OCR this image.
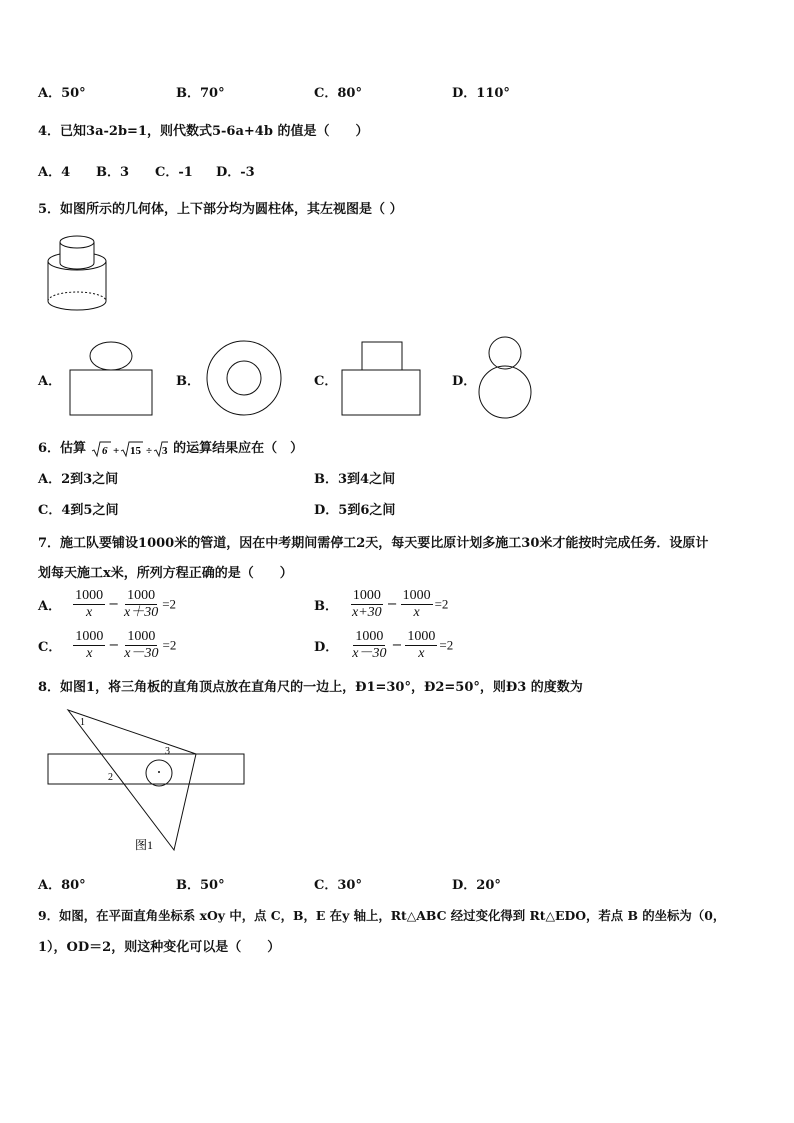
A．50°	B．70°	C．80°	D．110°
4．已知3a-2b=1，则代数式5-6a+4b 的值是（　　）
A．4 B．3 C．-1 D．-3
5．如图所示的几何体，上下部分均为圆柱体，其左视图是（ ）
A．	B．	C．	D．
6．估算 6 + 15 ÷ 3 的运算结果应在（　）
A．2到3之间	B．3到4之间
C．4到5之间	D．5到6之间
7．施工队要铺设1000米的管道，因在中考期间需停工2天，每天要比原计划多施工30米才能按时完成任务．设原计
划每天施工x米，所列方程正确的是（　　）
A． $\frac{1000}{x} - \frac{1000}{x+30} =2$	B． $\frac{1000}{x+30} - \frac{1000}{x} =2$
C． $\frac{1000}{x} - \frac{1000}{x-30} =2$	D． $\frac{1000}{x-30} - \frac{1000}{x} =2$
8．如图1，将三角板的直角顶点放在直角尺的一边上，Ð1=30°，Ð2=50°，则Ð3 的度数为
1
2
3
图1
A．80°	B．50°	C．30°	D．20°
9．如图，在平面直角坐标系 xOy 中，点 C，B，E 在y 轴上，Rt△ABC 经过变化得到 Rt△EDO，若点 B 的坐标为（0，
1），OD＝2，则这种变化可以是（　　）
